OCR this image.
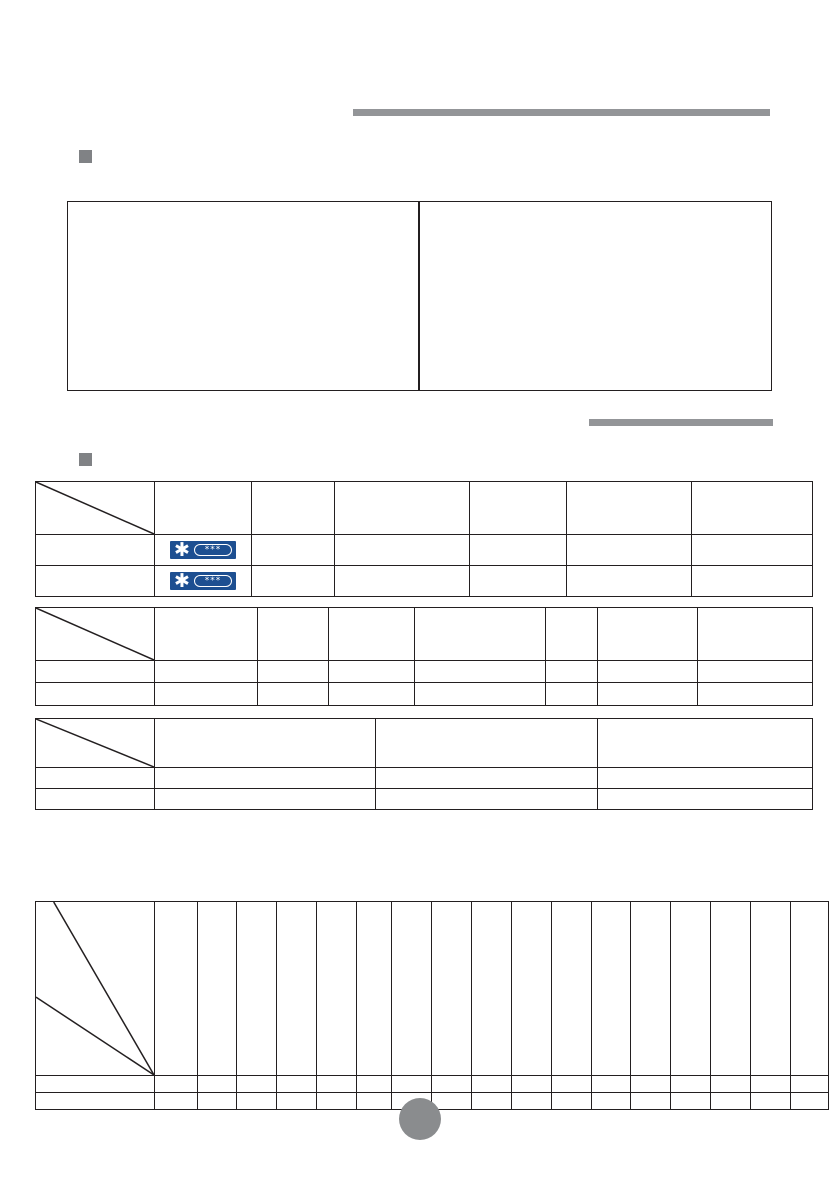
	✱ ***					

	✱ ***					
